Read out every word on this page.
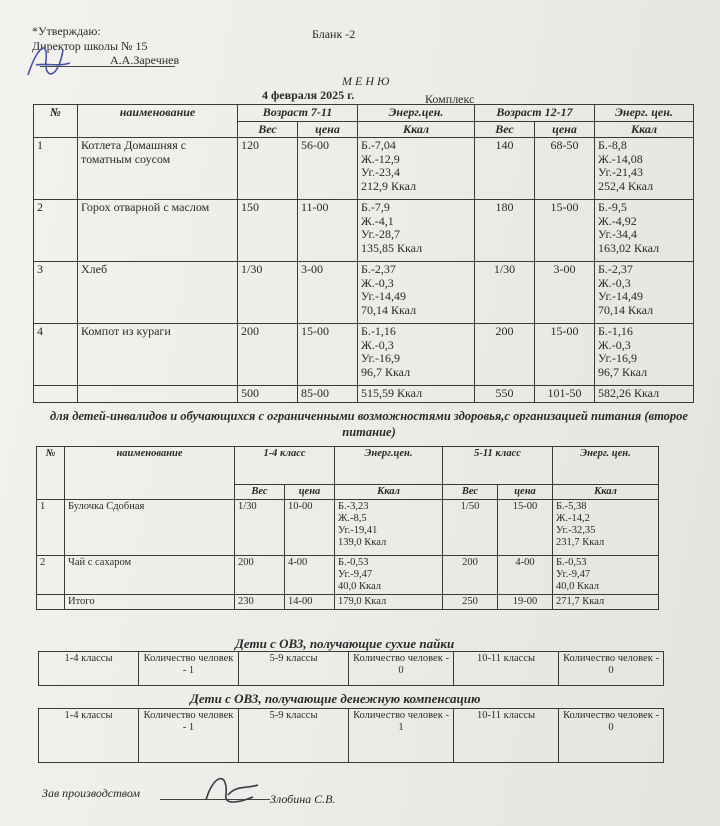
*Утверждаю:
Директор школы № 15
А.А.Заречнев
Бланк -2
М Е Н Ю
4 февраля 2025 г.	Комплекс
№	наименование	Возраст 7-11		Энерг.цен.	Возраст 12-17		Энерг. цен.
		Вес	цена	Ккал	Вес	цена	Ккал
1	Котлета Домашняя с томатным соусом	120	56-00	Б.-7,04
Ж.-12,9
Уг.-23,4
212,9 Ккал	140	68-50	Б.-8,8
Ж.-14,08
Уг.-21,43
252,4 Ккал
2	Горох отварной с маслом	150	11-00	Б.-7,9
Ж.-4,1
Уг.-28,7
135,85 Ккал	180	15-00	Б.-9,5
Ж.-4,92
Уг.-34,4
163,02 Ккал
3	Хлеб	1/30	3-00	Б.-2,37
Ж.-0,3
Уг.-14,49
70,14 Ккал	1/30	3-00	Б.-2,37
Ж.-0,3
Уг.-14,49
70,14 Ккал
4	Компот из кураги	200	15-00	Б.-1,16
Ж.-0,3
Уг.-16,9
96,7 Ккал	200	15-00	Б.-1,16
Ж.-0,3
Уг.-16,9
96,7 Ккал
		500	85-00	515,59 Ккал	550	101-50	582,26 Ккал
для детей-инвалидов и обучающихся с ограниченными возможностями здоровья,с организацией питания (второе питание)
№	наименование	1-4 класс		Энерг.цен.	5-11 класс		Энерг. цен.
		Вес	цена	Ккал	Вес	цена	Ккал
1	Булочка Сдобная	1/30	10-00	Б.-3,23
Ж.-8,5
Уг.-19,41
139,0 Ккал	1/50	15-00	Б.-5,38
Ж.-14,2
Уг.-32,35
231,7 Ккал
2	Чай с сахаром	200	4-00	Б.-0,53
Уг.-9,47
40,0 Ккал	200	4-00	Б.-0,53
Уг.-9,47
40,0 Ккал
	Итого	230	14-00	179,0 Ккал	250	19-00	271,7 Ккал
Дети с ОВЗ, получающие сухие пайки
1-4 классы	Количество человек - 1	5-9 классы	Количество человек - 0	10-11 классы	Количество человек - 0
Дети с ОВЗ, получающие денежную компенсацию
1-4 классы	Количество человек - 1	5-9 классы	Количество человек - 1	10-11 классы	Количество человек - 0
Зав производством	Злобина С.В.
